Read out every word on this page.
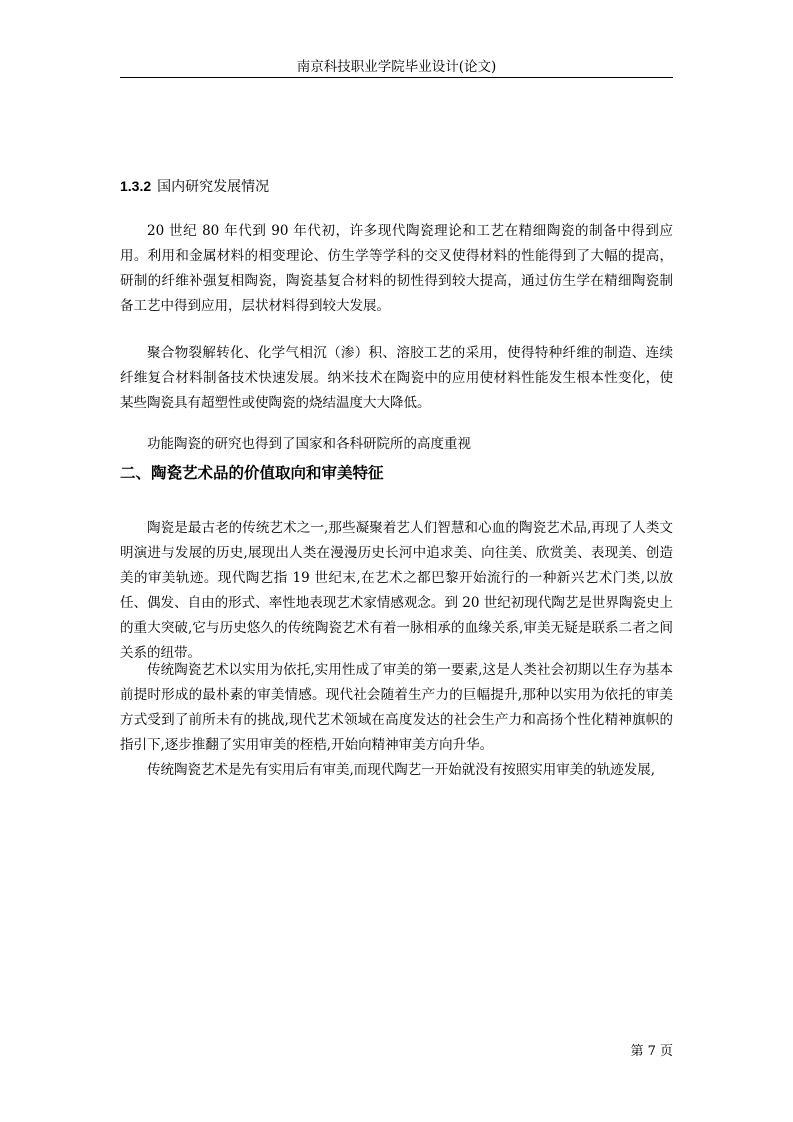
南京科技职业学院毕业设计(论文)
1.3.2 国内研究发展情况

20 世纪 80 年代到 90 年代初，许多现代陶瓷理论和工艺在精细陶瓷的制备中得到应用。利用和金属材料的相变理论、仿生学等学科的交叉使得材料的性能得到了大幅的提高，研制的纤维补强复相陶瓷，陶瓷基复合材料的韧性得到较大提高，通过仿生学在精细陶瓷制备工艺中得到应用，层状材料得到较大发展。

聚合物裂解转化、化学气相沉（渗）积、溶胶工艺的采用，使得特种纤维的制造、连续纤维复合材料制备技术快速发展。纳米技术在陶瓷中的应用使材料性能发生根本性变化，使某些陶瓷具有超塑性或使陶瓷的烧结温度大大降低。

功能陶瓷的研究也得到了国家和各科研院所的高度重视

二、陶瓷艺术品的价值取向和审美特征

陶瓷是最古老的传统艺术之一,那些凝聚着艺人们智慧和心血的陶瓷艺术品,再现了人类文明演进与发展的历史,展现出人类在漫漫历史长河中追求美、向往美、欣赏美、表现美、创造美的审美轨迹。现代陶艺指 19 世纪末,在艺术之都巴黎开始流行的一种新兴艺术门类,以放任、偶发、自由的形式、率性地表现艺术家情感观念。到 20 世纪初现代陶艺是世界陶瓷史上的重大突破,它与历史悠久的传统陶瓷艺术有着一脉相承的血缘关系,审美无疑是联系二者之间关系的纽带。

传统陶瓷艺术以实用为依托,实用性成了审美的第一要素,这是人类社会初期以生存为基本前提时形成的最朴素的审美情感。现代社会随着生产力的巨幅提升,那种以实用为依托的审美方式受到了前所未有的挑战,现代艺术领域在高度发达的社会生产力和高扬个性化精神旗帜的指引下,逐步推翻了实用审美的桎梏,开始向精神审美方向升华。

传统陶瓷艺术是先有实用后有审美,而现代陶艺一开始就没有按照实用审美的轨迹发展,

第 7 页
